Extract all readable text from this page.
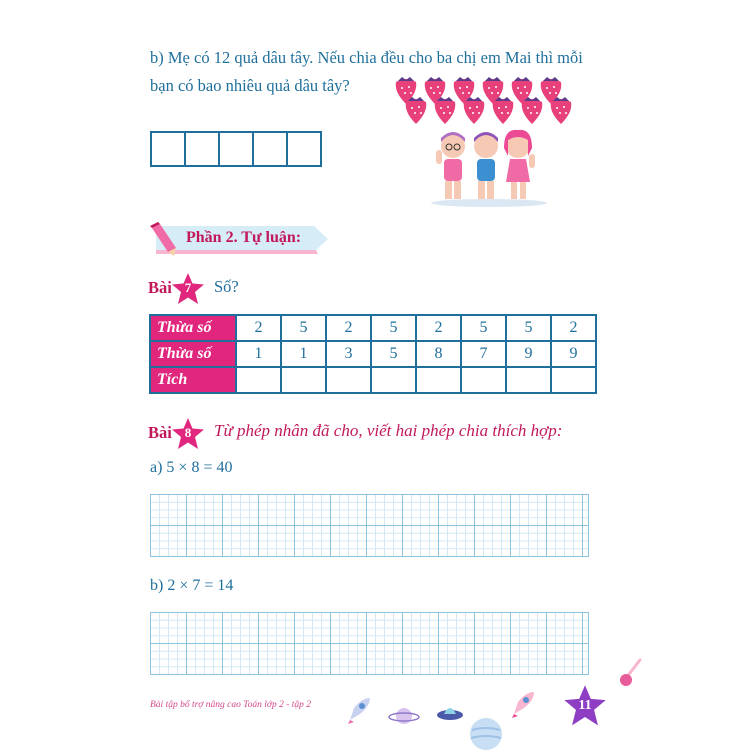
b) Mẹ có 12 quả dâu tây. Nếu chia đều cho ba chị em Mai thì mỗi
bạn có bao nhiêu quả dâu tây?
Phần 2. Tự luận:
Bài 7	Số?
Thừa số	2	5	2	5	2	5	5	2
Thừa số	1	1	3	5	8	7	9	9
Tích								
Bài 8	Từ phép nhân đã cho, viết hai phép chia thích hợp:
a) 5 × 8 = 40
b) 2 × 7 = 14
Bài tập bổ trợ nâng cao Toán lớp 2 - tập 2	11
